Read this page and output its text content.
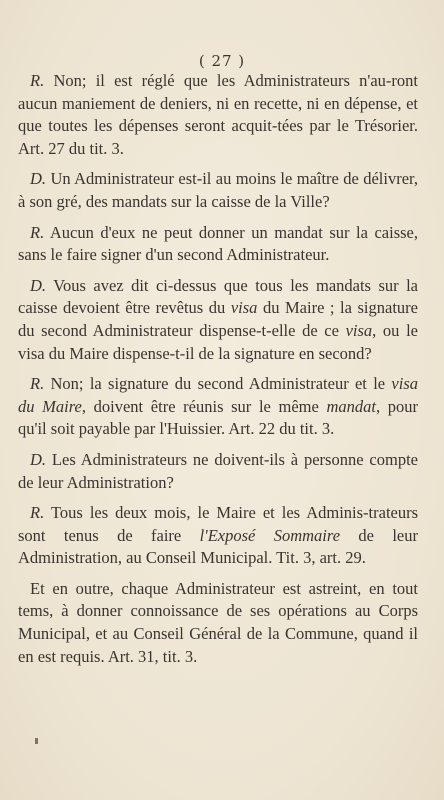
( 27 )

R. Non; il est réglé que les Administrateurs n'au-ront aucun maniement de deniers, ni en recette, ni en dépense, et que toutes les dépenses seront acquit-tées par le Trésorier. Art. 27 du tit. 3.

D. Un Administrateur est-il au moins le maître de délivrer, à son gré, des mandats sur la caisse de la Ville?

R. Aucun d'eux ne peut donner un mandat sur la caisse, sans le faire signer d'un second Administrateur.

D. Vous avez dit ci-dessus que tous les mandats sur la caisse devoient être revêtus du visa du Maire ; la signature du second Administrateur dispense-t-elle de ce visa, ou le visa du Maire dispense-t-il de la signature en second?

R. Non; la signature du second Administrateur et le visa du Maire, doivent être réunis sur le même mandat, pour qu'il soit payable par l'Huissier. Art. 22 du tit. 3.

D. Les Administrateurs ne doivent-ils à personne compte de leur Administration?

R. Tous les deux mois, le Maire et les Adminis-trateurs sont tenus de faire l'Exposé Sommaire de leur Administration, au Conseil Municipal. Tit. 3, art. 29.

Et en outre, chaque Administrateur est astreint, en tout tems, à donner connoissance de ses opérations au Corps Municipal, et au Conseil Général de la Commune, quand il en est requis. Art. 31, tit. 3.
